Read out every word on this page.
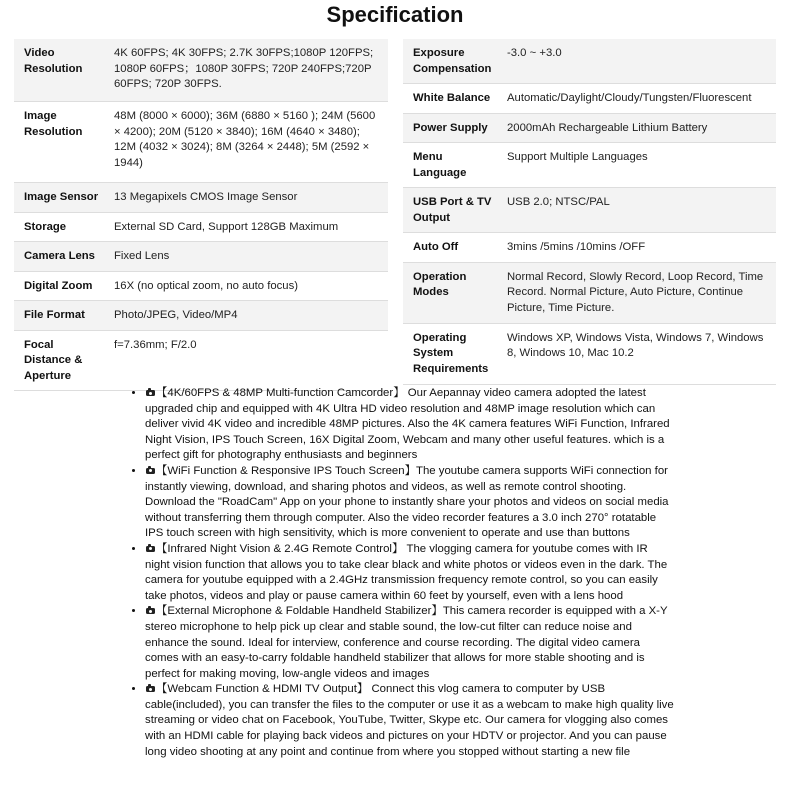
Specification
Video Resolution	4K 60FPS; 4K 30FPS; 2.7K 30FPS;1080P 120FPS; 1080P 60FPS；1080P 30FPS; 720P 240FPS;720P 60FPS; 720P 30FPS.
Image Resolution	48M (8000 × 6000); 36M (6880 × 5160 ); 24M (5600 × 4200); 20M (5120 × 3840); 16M (4640 × 3480); 12M (4032 × 3024); 8M (3264 × 2448); 5M (2592 × 1944)
Image Sensor	13 Megapixels CMOS Image Sensor
Storage	External SD Card, Support 128GB Maximum
Camera Lens	Fixed Lens
Digital Zoom	16X (no optical zoom, no auto focus)
File Format	Photo/JPEG, Video/MP4
Focal Distance & Aperture	f=7.36mm; F/2.0
Exposure Compensation	-3.0 ~ +3.0
White Balance	Automatic/Daylight/Cloudy/Tungsten/Fluorescent
Power Supply	2000mAh Rechargeable Lithium Battery
Menu Language	Support Multiple Languages
USB Port & TV Output	USB 2.0; NTSC/PAL
Auto Off	3mins /5mins /10mins /OFF
Operation Modes	Normal Record, Slowly Record, Loop Record, Time Record. Normal Picture, Auto Picture, Continue Picture, Time Picture.
Operating System Requirements	Windows XP, Windows Vista, Windows 7, Windows 8, Windows 10, Mac 10.2
• 【4K/60FPS & 48MP Multi-function Camcorder】 Our Aepannay video camera adopted the latest upgraded chip and equipped with 4K Ultra HD video resolution and 48MP image resolution which can deliver vivid 4K video and incredible 48MP pictures. Also the 4K camera features WiFi Function, Infrared Night Vision, IPS Touch Screen, 16X Digital Zoom, Webcam and many other useful features. which is a perfect gift for photography enthusiasts and beginners
• 【WiFi Function & Responsive IPS Touch Screen】The youtube camera supports WiFi connection for instantly viewing, download, and sharing photos and videos, as well as remote control shooting. Download the "RoadCam" App on your phone to instantly share your photos and videos on social media without transferring them through computer. Also the video recorder features a 3.0 inch 270° rotatable IPS touch screen with high sensitivity, which is more convenient to operate and use than buttons
• 【Infrared Night Vision & 2.4G Remote Control】 The vlogging camera for youtube comes with IR night vision function that allows you to take clear black and white photos or videos even in the dark. The camera for youtube equipped with a 2.4GHz transmission frequency remote control, so you can easily take photos, videos and play or pause camera within 60 feet by yourself, even with a lens hood
• 【External Microphone & Foldable Handheld Stabilizer】This camera recorder is equipped with a X-Y stereo microphone to help pick up clear and stable sound, the low-cut filter can reduce noise and enhance the sound. Ideal for interview, conference and course recording. The digital video camera comes with an easy-to-carry foldable handheld stabilizer that allows for more stable shooting and is perfect for making moving, low-angle videos and images
• 【Webcam Function & HDMI TV Output】 Connect this vlog camera to computer by USB cable(included), you can transfer the files to the computer or use it as a webcam to make high quality live streaming or video chat on Facebook, YouTube, Twitter, Skype etc. Our camera for vlogging also comes with an HDMI cable for playing back videos and pictures on your HDTV or projector. And you can pause long video shooting at any point and continue from where you stopped without starting a new file
